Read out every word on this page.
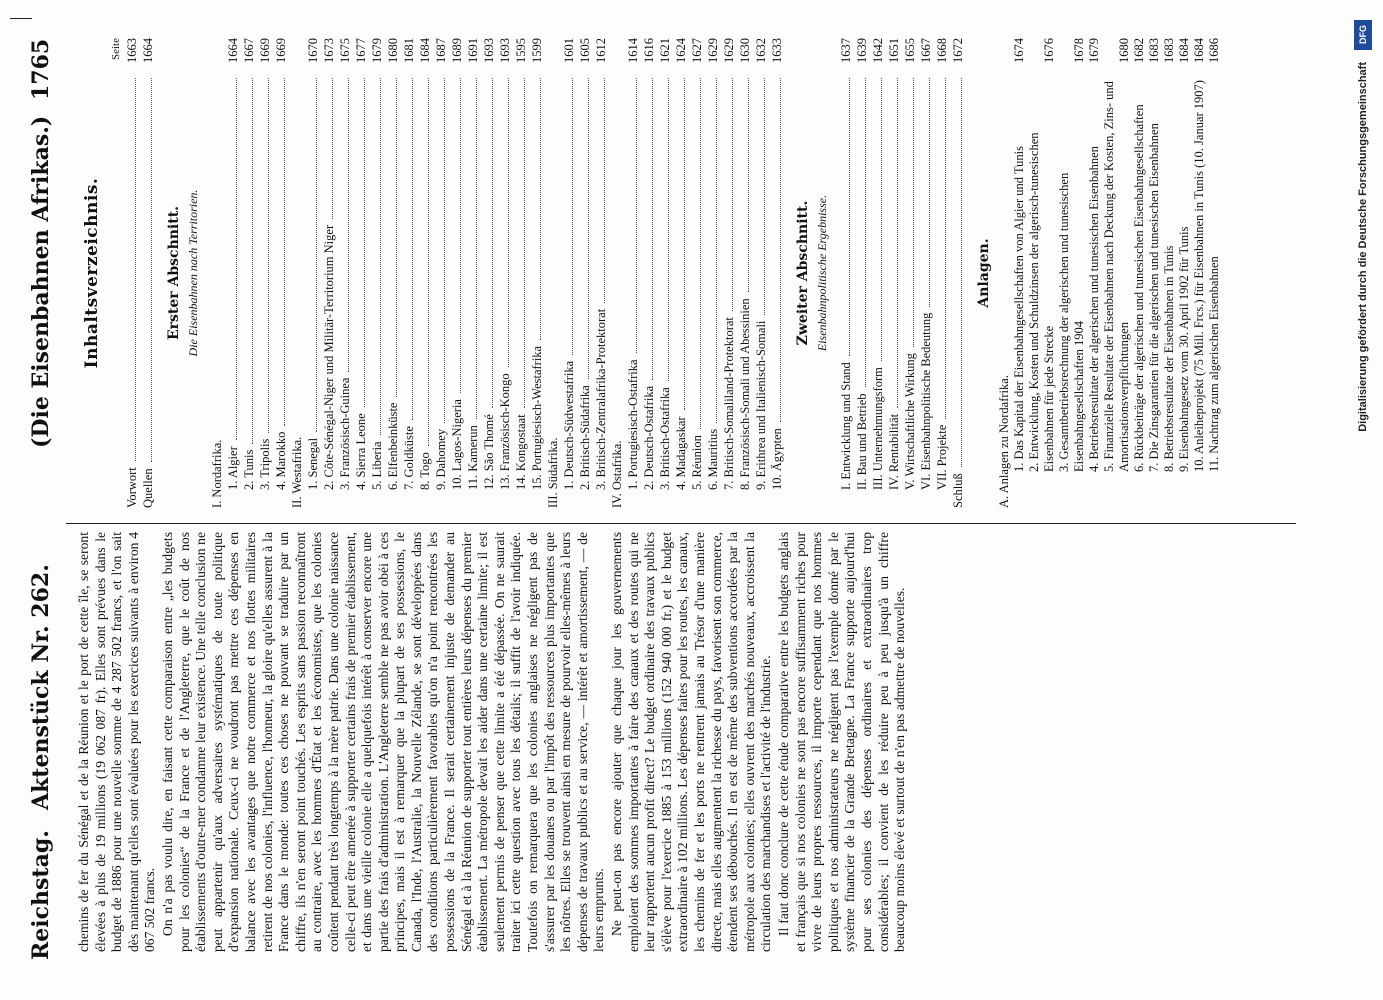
Reichstag.
Aktenstück Nr. 262.
(Die Eisenbahnen Afrikas.)
1765

chemins de fer du Sénégal et de la Réunion et le port de cette île, se seront élevées à plus de 19 millions (19 062 087 fr). Elles sont prévues dans le budget de 1886 pour une nouvelle somme de 4 287 502 francs, et l'on sait dès maintenant qu'elles sont évaluées pour les exercices suivants à environ 4 067 502 francs. On n'a pas voulu dire, en faisant cette comparaison entre „les budgets pour les colonies“ de la France et de l'Angleterre, que le coût de nos établissements d'outre-mer condamne leur existence. Une telle conclusion ne peut appartenir qu'aux adversaires systématiques de toute politique d'expansion nationale. Ceux-ci ne voudront pas mettre ces dépenses en balance avec les avantages que notre commerce et nos flottes militaires retirent de nos colonies, l'influence, l'honneur, la gloire qu'elles assurent à la France dans le monde: toutes ces choses ne pouvant se traduire par un chiffre, ils n'en seront point touchés. Les esprits sans passion reconnaîtront au contraire, avec les hommes d'État et les économistes, que les colonies coûtent pendant très longtemps à la mère patrie. Dans une colonie naissance celle-ci peut être amenée à supporter certains frais de premier établissement, et dans une vieille colonie elle a quelquefois intérêt à conserver encore une partie des frais d'administration. L'Angleterre semble ne pas avoir obéi à ces principes, mais il est à remarquer que la plupart de ses possessions, le Canada, l'Inde, l'Australie, la Nouvelle Zélande, se sont développées dans des conditions particulièrement favorables qu'on n'a point rencontrées les possessions de la France. Il serait certainement injuste de demander au Sénégal et à la Réunion de supporter tout entières leurs dépenses du premier établissement. La métropole devait les aider dans une certaine limite; il est seulement permis de penser que cette limite a été dépassée. On ne saurait traiter ici cette question avec tous les détails; il suffit de l'avoir indiquée. Toutefois on remarquera que les colonies anglaises ne négligent pas de s'assurer par les douanes ou par l'impôt des ressources plus importantes que les nôtres. Elles se trouvent ainsi en mesure de pourvoir elles-mêmes à leurs dépenses de travaux publics et au service, — intérêt et amortissement, — de leurs emprunts. Ne peut-on pas encore ajouter que chaque jour les gouvernements emploient des sommes importantes à faire des canaux et des routes qui ne leur rapportent aucun profit direct? Le budget ordinaire des travaux publics s'élève pour l'exercice 1885 à 153 millions (152 940 000 fr.) et le budget extraordinaire à 102 millions. Les dépenses faites pour les routes, les canaux, les chemins de fer et les ports ne rentrent jamais au Trésor d'une manière directe, mais elles augmentent la richesse du pays, favorisent son commerce, étendent ses débouchés. Il en est de même des subventions accordées par la métropole aux colonies; elles ouvrent des marchés nouveaux, accroissent la circulation des marchandises et l'activité de l'industrie. Il faut donc conclure de cette étude comparative entre les budgets anglais et français que si nos colonies ne sont pas encore suffisamment riches pour vivre de leurs propres ressources, il importe cependant que nos hommes politiques et nos administrateurs ne négligent pas l'exemple donné par le système financier de la Grande Bretagne. La France supporte aujourd'hui pour ses colonies des dépenses ordinaires et extraordinaires trop considérables; il convient de les réduire peu à peu jusqu'à un chiffre beaucoup moins élevé et surtout de n'en pas admettre de nouvelles.

Inhaltsverzeichnis.
Seite
Vorwort
1663
Quellen
1664
Erster Abschnitt. Die Eisenbahnen nach Territorien.
I. Nordafrika. 1. Algier
1664
2. Tunis
1667
3. Tripolis
1669
4. Marokko
1669
II. Westafrika. 1. Senegal
1670
2. Côte-Sénégal-Niger und Militär-Territorium Niger
1673
3. Französisch-Guinea
1675
4. Sierra Leone
1677
5. Liberia
1679
6. Elfenbeinküste
1680
7. Goldküste
1681
8. Togo
1684
9. Dahomey
1687
10. Lagos-Nigeria
1689
11. Kamerun
1691
12. São Thomé
1693
13. Französisch-Kongo
1693
14. Kongostaat
1595
15. Portugiesisch-Westafrika
1599
III. Südafrika. 1. Deutsch-Südwestafrika
1601
2. Britisch-Südafrika
1605
3. Britisch-Zentralafrika-Protektorat
1612
IV. Ostafrika. 1. Portugiesisch-Ostafrika
1614
2. Deutsch-Ostafrika
1616
3. Britisch-Ostafrika
1621
4. Madagaskar
1624
5. Réunion
1627
6. Mauritius
1629
7. Britisch-Somaliland-Protektorat
1629
8. Französisch-Somali und Abessinien
1630
9. Erithrea und Italienisch-Somali
1632
10. Ägypten
1633
Zweiter Abschnitt. Eisenbahnpolitische Ergebnisse.
I. Entwicklung und Stand
1637
II. Bau und Betrieb
1639
III. Unternehmungsform
1642
IV. Rentabilität
1651
V. Wirtschaftliche Wirkung
1655
VI. Eisenbahnpolitische Bedeutung
1667
VII. Projekte
1668
Schluß
1672
Anlagen.
A. Anlagen zu Nordafrika. 1. Das Kapital der Eisenbahngesellschaften von Algier und Tunis
1674
2. Entwicklung, Kosten und Schuldzinsen der algerisch-tunesischen Eisenbahnen für jede Strecke
1676
3. Gesamtbetriebsrechnung der algerischen und tunesischen Eisenbahngesellschaften 1904
1678
4. Betriebsresultate der algerischen und tunesischen Eisenbahnen
1679
5. Finanzielle Resultate der Eisenbahnen nach Deckung der Kosten, Zins- und Amortisationsverpflichtungen
1680
6. Rückbeiträge der algerischen und tunesischen Eisenbahngesellschaften
1682
7. Die Zinsgarantien für die algerischen und tunesischen Eisenbahnen
1683
8. Betriebsresultate der Eisenbahnen in Tunis
1683
9. Eisenbahngesetz vom 30. April 1902 für Tunis
1684
10. Anleiheprojekt (75 Mill. Frcs.) für Eisenbahnen in Tunis (10. Januar 1907)
1684
11. Nachtrag zum algerischen Eisenbahnen
1686
DFG
Digitalisierung gefördert durch die Deutsche Forschungsgemeinschaft
